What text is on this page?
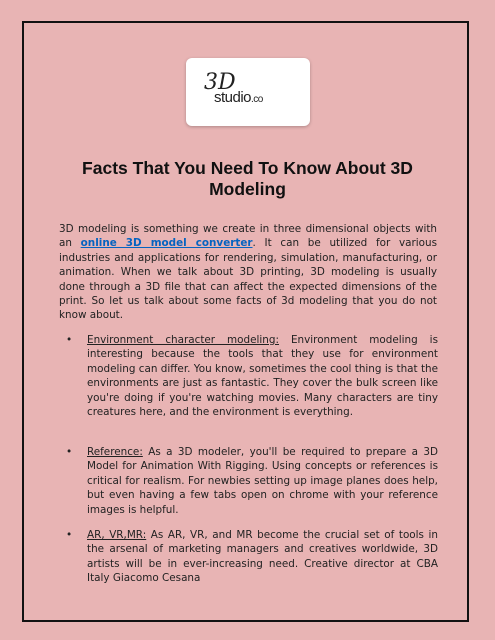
3D
studio.co
Facts That You Need To Know About 3D Modeling
3D modeling is something we create in three dimensional objects with an online 3D model converter. It can be utilized for various industries and applications for rendering, simulation, manufacturing, or animation. When we talk about 3D printing, 3D modeling is usually done through a 3D file that can affect the expected dimensions of the print. So let us talk about some facts of 3d modeling that you do not know about.
• Environment character modeling: Environment modeling is interesting because the tools that they use for environment modeling can differ. You know, sometimes the cool thing is that the environments are just as fantastic. They cover the bulk screen like you're doing if you're watching movies. Many characters are tiny creatures here, and the environment is everything.
• Reference: As a 3D modeler, you'll be required to prepare a 3D Model for Animation With Rigging. Using concepts or references is critical for realism. For newbies setting up image planes does help, but even having a few tabs open on chrome with your reference images is helpful.
• AR, VR,MR: As AR, VR, and MR become the crucial set of tools in the arsenal of marketing managers and creatives worldwide, 3D artists will be in ever-increasing need. Creative director at CBA Italy Giacomo Cesana
